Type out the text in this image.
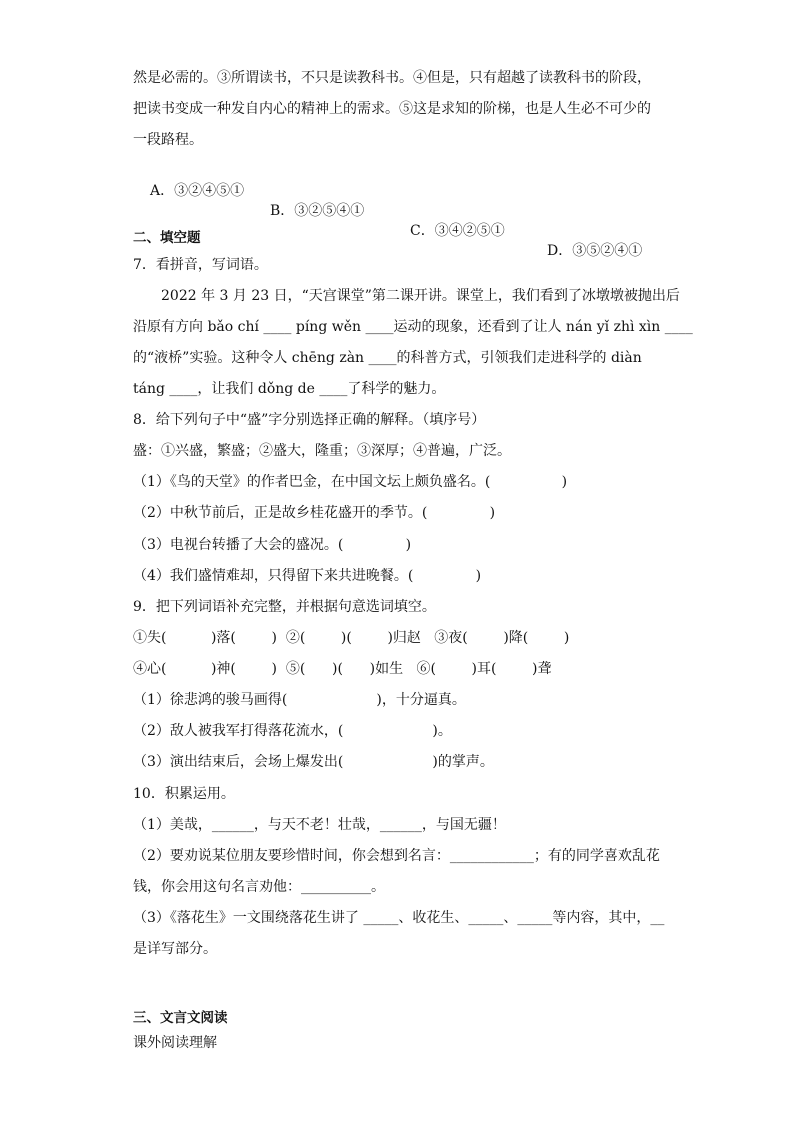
然是必需的。③所谓读书，不只是读教科书。④但是，只有超越了读教科书的阶段，
把读书变成一种发自内心的精神上的需求。⑤这是求知的阶梯，也是人生必不可少的
一段路程。

A．③②④⑤①

B．③②⑤④①

C．③④②⑤①

D．③⑤②④①

二、填空题
7．看拼音，写词语。
2022 年 3 月 23 日，“天宫课堂”第二课开讲。课堂上，我们看到了冰墩墩被抛出后
沿原有方向 bǎo chí ____ píng wěn ____运动的现象，还看到了让人 nán yǐ zhì xìn ____
的“液桥”实验。这种令人 chēng zàn ____的科普方式，引领我们走进科学的 diàn
táng ____，让我们 dǒng de ____了科学的魅力。
8．给下列句子中“盛”字分别选择正确的解释。（填序号）
盛：①兴盛，繁盛；②盛大，隆重；③深厚；④普遍，广泛。
（1）《鸟的天堂》的作者巴金，在中国文坛上颇负盛名。(                )
（2）中秋节前后，正是故乡桂花盛开的季节。(              )
（3）电视台转播了大会的盛况。(              )
（4）我们盛情难却，只得留下来共进晚餐。(              )
9．把下列词语补充完整，并根据句意选词填空。
①失(          )落(        )  ②(        )(        )归赵   ③夜(        )降(        )
④心(          )神(        )  ⑤(      )(      )如生   ⑥(        )耳(        )聋
（1）徐悲鸿的骏马画得(                    )，十分逼真。
（2）敌人被我军打得落花流水，(                    )。
（3）演出结束后，会场上爆发出(                    )的掌声。
10．积累运用。
（1）美哉，______，与天不老！壮哉，______，与国无疆！
（2）要劝说某位朋友要珍惜时间，你会想到名言：____________；有的同学喜欢乱花
钱，你会用这句名言劝他：__________。
（3）《落花生》一文围绕落花生讲了 _____、收花生、_____、_____等内容，其中，__
是详写部分。
三、文言文阅读
课外阅读理解
